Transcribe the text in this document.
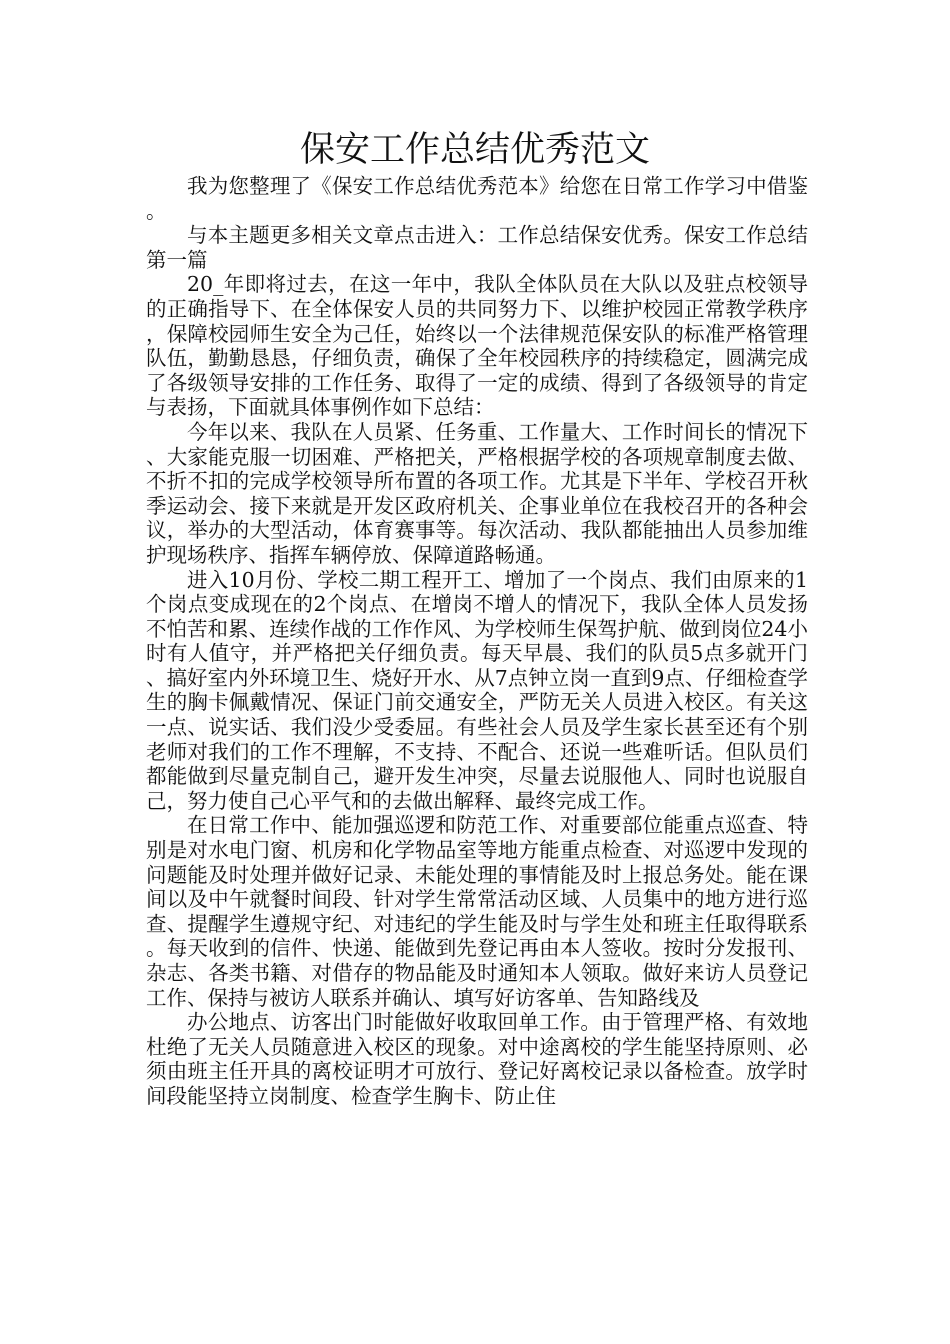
保安工作总结优秀范文

我为您整理了《保安工作总结优秀范本》给您在日常工作学习中借鉴。

与本主题更多相关文章点击进入：工作总结保安优秀。保安工作总结第一篇

20_年即将过去，在这一年中，我队全体队员在大队以及驻点校领导的正确指导下、在全体保安人员的共同努力下、以维护校园正常教学秩序，保障校园师生安全为己任，始终以一个法律规范保安队的标准严格管理队伍，勤勤恳恳，仔细负责，确保了全年校园秩序的持续稳定，圆满完成了各级领导安排的工作任务、取得了一定的成绩、得到了各级领导的肯定与表扬，下面就具体事例作如下总结：

今年以来、我队在人员紧、任务重、工作量大、工作时间长的情况下、大家能克服一切困难、严格把关，严格根据学校的各项规章制度去做、不折不扣的完成学校领导所布置的各项工作。尤其是下半年、学校召开秋季运动会、接下来就是开发区政府机关、企事业单位在我校召开的各种会议，举办的大型活动，体育赛事等。每次活动、我队都能抽出人员参加维护现场秩序、指挥车辆停放、保障道路畅通。

进入10月份、学校二期工程开工、增加了一个岗点、我们由原来的1个岗点变成现在的2个岗点、在增岗不增人的情况下，我队全体人员发扬不怕苦和累、连续作战的工作作风、为学校师生保驾护航、做到岗位24小时有人值守，并严格把关仔细负责。每天早晨、我们的队员5点多就开门、搞好室内外环境卫生、烧好开水、从7点钟立岗一直到9点、仔细检查学生的胸卡佩戴情况、保证门前交通安全，严防无关人员进入校区。有关这一点、说实话、我们没少受委屈。有些社会人员及学生家长甚至还有个别老师对我们的工作不理解，不支持、不配合、还说一些难听话。但队员们都能做到尽量克制自己，避开发生冲突，尽量去说服他人、同时也说服自己，努力使自己心平气和的去做出解释、最终完成工作。

在日常工作中、能加强巡逻和防范工作、对重要部位能重点巡查、特别是对水电门窗、机房和化学物品室等地方能重点检查、对巡逻中发现的问题能及时处理并做好记录、未能处理的事情能及时上报总务处。能在课间以及中午就餐时间段、针对学生常常活动区域、人员集中的地方进行巡查、提醒学生遵规守纪、对违纪的学生能及时与学生处和班主任取得联系。每天收到的信件、快递、能做到先登记再由本人签收。按时分发报刊、杂志、各类书籍、对借存的物品能及时通知本人领取。做好来访人员登记工作、保持与被访人联系并确认、填写好访客单、告知路线及

办公地点、访客出门时能做好收取回单工作。由于管理严格、有效地杜绝了无关人员随意进入校区的现象。对中途离校的学生能坚持原则、必须由班主任开具的离校证明才可放行、登记好离校记录以备检查。放学时间段能坚持立岗制度、检查学生胸卡、防止住
